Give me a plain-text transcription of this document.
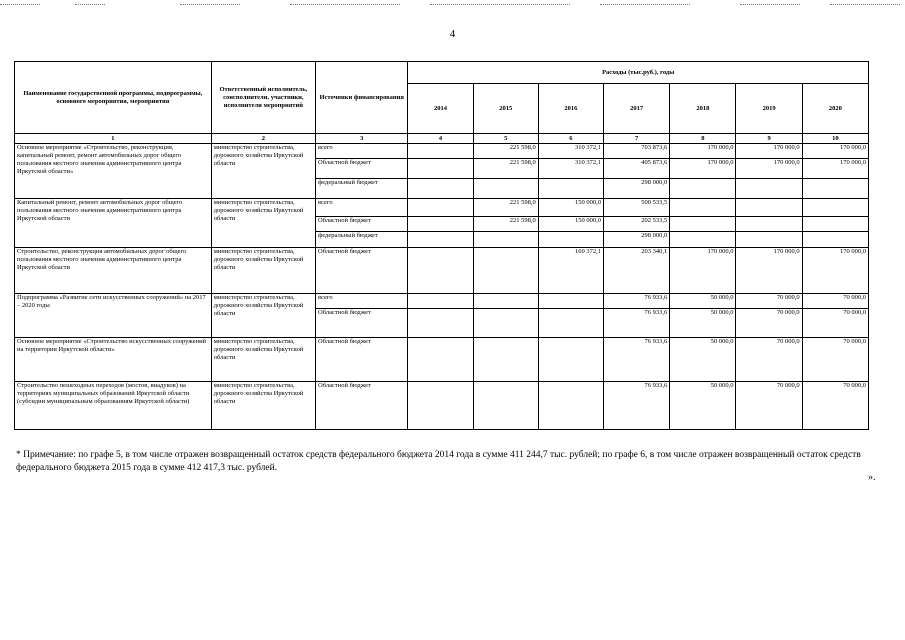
4
Наименование государственной программы, подпрограммы, основного мероприятия, мероприятия	Ответственный исполнитель, соисполнители, участники, исполнители мероприятий	Источники финансирования	Расходы (тыс.руб.), годы						
			2014	2015	2016	2017	2018	2019	2020
1	2	3	4	5	6	7	8	9	10
Основное мероприятие «Строительство, реконструкция, капитальный ремонт, ремонт автомобильных дорог общего пользования местного значения административного центра Иркутской области»	министерство строительства, дорожного хозяйства Иркутской области	всего		221 598,0	310 372,1	703 873,6	170 000,0	170 000,0	170 000,0
		Областной бюджет		221 598,0	310 372,1	405 873,6	170 000,0	170 000,0	170 000,0
		федеральный бюджет				298 000,0			
Капитальный ремонт, ремонт автомобильных дорог общего пользования местного значения административного центра Иркутской области	министерство строительства, дорожного хозяйства Иркутской области	всего		221 598,0	150 000,0	500 533,5			
		Областной бюджет		221 598,0	150 000,0	202 533,5			
		федеральный бюджет				298 000,0			
Строительство, реконструкция автомобильных дорог общего пользования местного значения административного центра Иркутской области	министерство строительства, дорожного хозяйства Иркутской области	Областной бюджет			160 372,1	203 340,1	170 000,0	170 000,0	170 000,0
Подпрограмма «Развитие сети искусственных сооружений» на 2017 – 2020 годы	министерство строительства, дорожного хозяйства Иркутской области	всего				76 933,6	50 000,0	70 000,0	70 000,0
		Областной бюджет				76 933,6	50 000,0	70 000,0	70 000,0
Основное мероприятие «Строительство искусственных сооружений на территории Иркутской области»	министерство строительства, дорожного хозяйства Иркутской области	Областной бюджет				76 933,6	50 000,0	70 000,0	70 000,0
Строительство пешеходных переходов (мостов, виадуков) на территориях муниципальных образований Иркутской области (субсидии муниципальным образованиям Иркутской области)	министерство строительства, дорожного хозяйства Иркутской области	Областной бюджет				76 933,6	50 000,0	70 000,0	70 000,0
* Примечание: по графе 5, в том числе отражен возвращенный остаток средств федерального бюджета 2014 года в сумме 411 244,7 тыс. рублей; по графе 6, в том числе отражен возвращенный остаток средств федерального бюджета 2015 года в сумме 412 417,3 тыс. рублей.
».
